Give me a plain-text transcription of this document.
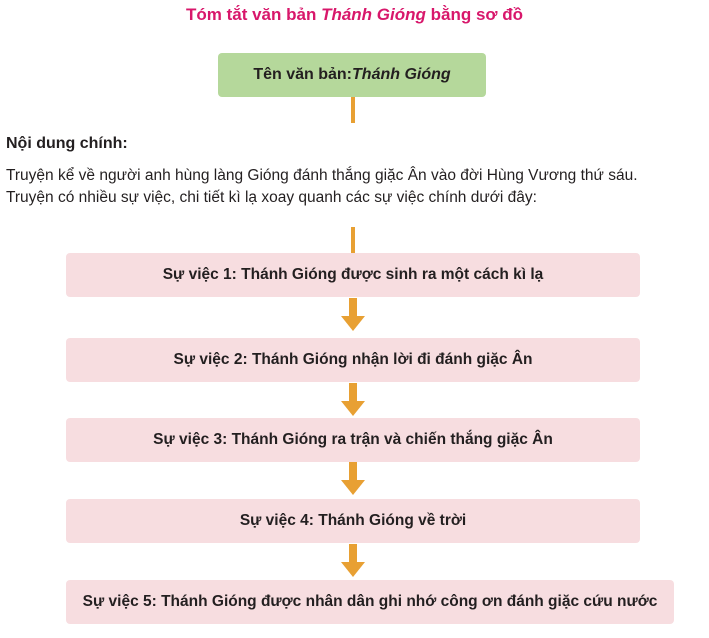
Tóm tắt văn bản Thánh Gióng bằng sơ đồ
Tên văn bản: Thánh Gióng
Nội dung chính:
Truyện kể về người anh hùng làng Gióng đánh thắng giặc Ân vào đời Hùng Vương thứ sáu.
Truyện có nhiều sự việc, chi tiết kì lạ xoay quanh các sự việc chính dưới đây:
Sự việc 1: Thánh Gióng được sinh ra một cách kì lạ
Sự việc 2: Thánh Gióng nhận lời đi đánh giặc Ân
Sự việc 3: Thánh Gióng ra trận và chiến thắng giặc Ân
Sự việc 4: Thánh Gióng về trời
Sự việc 5: Thánh Gióng được nhân dân ghi nhớ công ơn đánh giặc cứu nước
